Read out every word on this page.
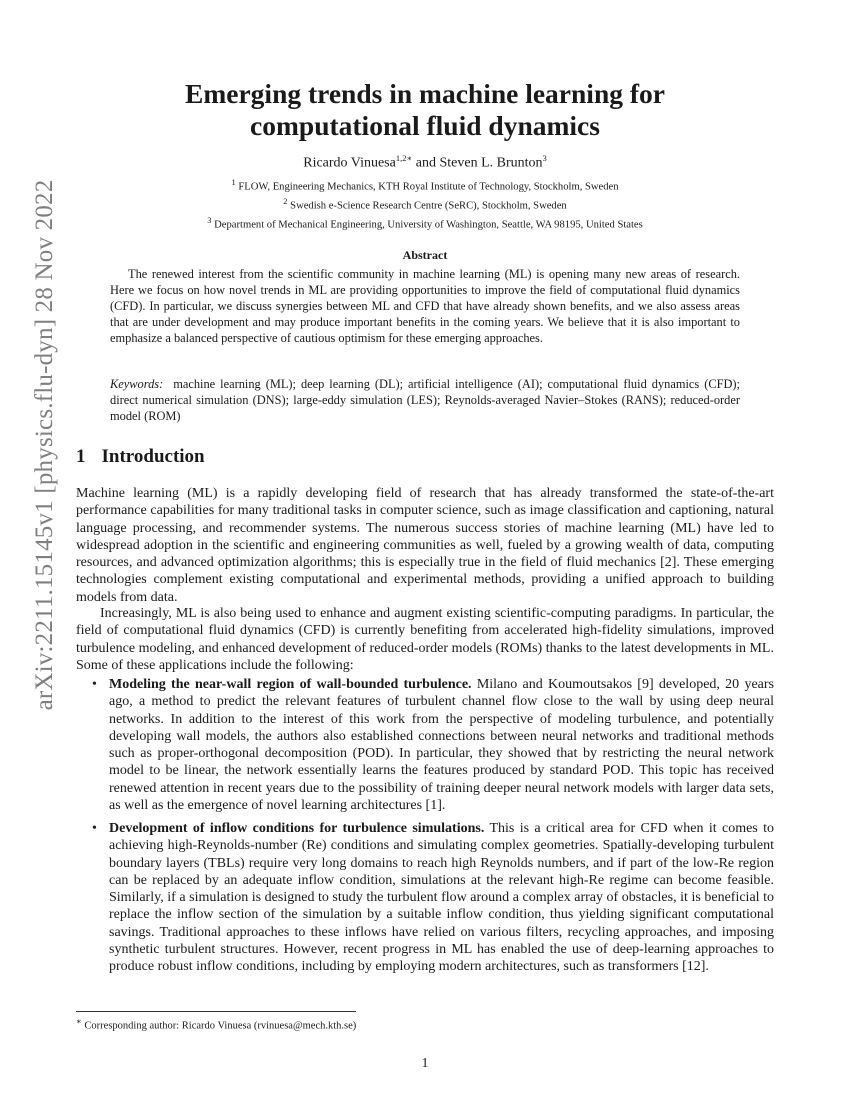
arXiv:2211.15145v1 [physics.flu-dyn] 28 Nov 2022
Emerging trends in machine learning for
computational fluid dynamics
Ricardo Vinuesa$^{1,2∗}$ and Steven L. Brunton$^3$
$^1$ FLOW, Engineering Mechanics, KTH Royal Institute of Technology, Stockholm, Sweden
$^2$ Swedish e-Science Research Centre (SeRC), Stockholm, Sweden
$^3$ Department of Mechanical Engineering, University of Washington, Seattle, WA 98195, United States
Abstract

The renewed interest from the scientific community in machine learning (ML) is opening many new areas of research. Here we focus on how novel trends in ML are providing opportunities to improve the field of computational fluid dynamics (CFD). In particular, we discuss synergies between ML and CFD that have already shown benefits, and we also assess areas that are under development and may produce important benefits in the coming years. We believe that it is also important to emphasize a balanced perspective of cautious optimism for these emerging approaches.

Keywords: machine learning (ML); deep learning (DL); artificial intelligence (AI); computational fluid dynamics (CFD); direct numerical simulation (DNS); large-eddy simulation (LES); Reynolds-averaged Navier–Stokes (RANS); reduced-order model (ROM)

1 Introduction

Machine learning (ML) is a rapidly developing field of research that has already transformed the state-of-the-art performance capabilities for many traditional tasks in computer science, such as image classification and captioning, natural language processing, and recommender systems. The numerous success stories of machine learning (ML) have led to widespread adoption in the scientific and engineering communities as well, fueled by a growing wealth of data, computing resources, and advanced optimization algorithms; this is especially true in the field of fluid mechanics [2]. These emerging technologies complement existing computational and experimental methods, providing a unified approach to building models from data.

Increasingly, ML is also being used to enhance and augment existing scientific-computing paradigms. In particular, the field of computational fluid dynamics (CFD) is currently benefiting from accelerated high-fidelity simulations, improved turbulence modeling, and enhanced development of reduced-order models (ROMs) thanks to the latest developments in ML. Some of these applications include the following:

• Modeling the near-wall region of wall-bounded turbulence. Milano and Koumoutsakos [9] developed, 20 years ago, a method to predict the relevant features of turbulent channel flow close to the wall by using deep neural networks. In addition to the interest of this work from the perspective of modeling turbulence, and potentially developing wall models, the authors also established connections between neural networks and traditional methods such as proper-orthogonal decomposition (POD). In particular, they showed that by restricting the neural network model to be linear, the network essentially learns the features produced by standard POD. This topic has received renewed attention in recent years due to the possibility of training deeper neural network models with larger data sets, as well as the emergence of novel learning architectures [1].
• Development of inflow conditions for turbulence simulations. This is a critical area for CFD when it comes to achieving high-Reynolds-number (Re) conditions and simulating complex geometries. Spatially-developing turbulent boundary layers (TBLs) require very long domains to reach high Reynolds numbers, and if part of the low-Re region can be replaced by an adequate inflow condition, simulations at the relevant high-Re regime can become feasible. Similarly, if a simulation is designed to study the turbulent flow around a complex array of obstacles, it is beneficial to replace the inflow section of the simulation by a suitable inflow condition, thus yielding significant computational savings. Traditional approaches to these inflows have relied on various filters, recycling approaches, and imposing synthetic turbulent structures. However, recent progress in ML has enabled the use of deep-learning approaches to produce robust inflow conditions, including by employing modern architectures, such as transformers [12].
∗ Corresponding author: Ricardo Vinuesa (rvinuesa@mech.kth.se)
1
